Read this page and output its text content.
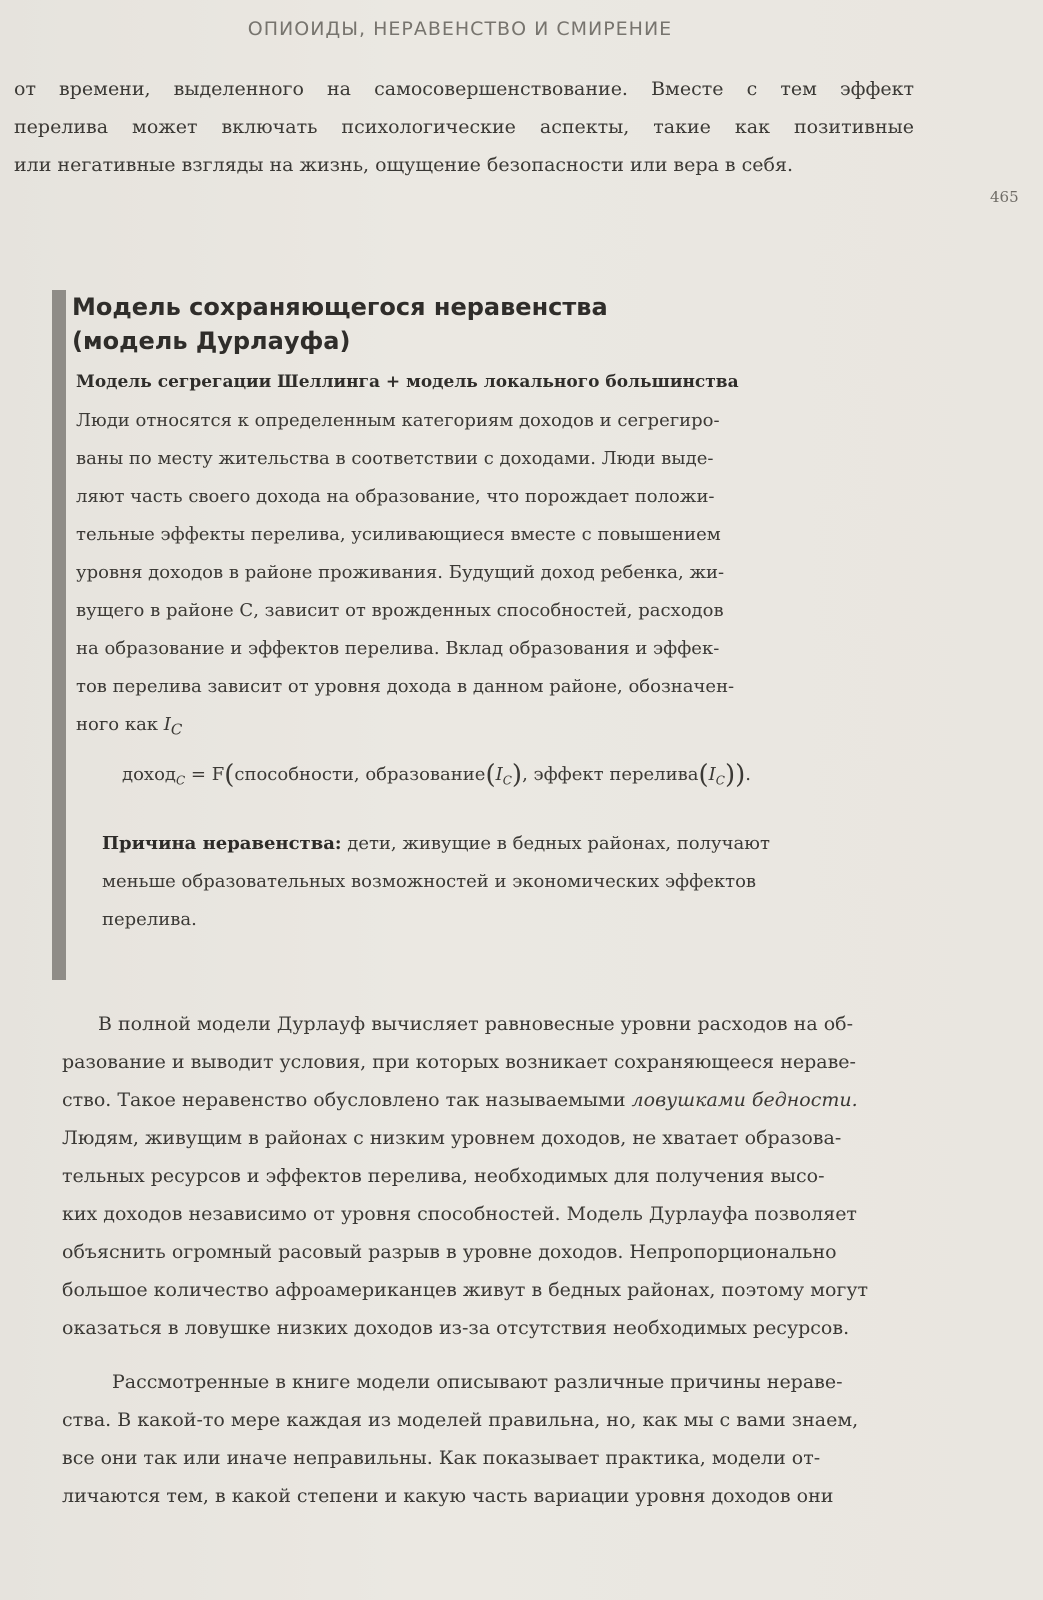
ОПИОИДЫ, НЕРАВЕНСТВО И СМИРЕНИЕ
465
от времени, выделенного на самосовершенствование. Вместе с тем эффект
перелива может включать психологические аспекты, такие как позитивные
или негативные взгляды на жизнь, ощущение безопасности или вера в себя.
Модель сохраняющегося неравенства
(модель Дурлауфа)
Модель сегрегации Шеллинга + модель локального большинства
Люди относятся к определенным категориям доходов и сегрегиро-
ваны по месту жительства в соответствии с доходами. Люди выде-
ляют часть своего дохода на образование, что порождает положи-
тельные эффекты перелива, усиливающиеся вместе с повышением
уровня доходов в районе проживания. Будущий доход ребенка, жи-
вущего в районе С, зависит от врожденных способностей, расходов
на образование и эффектов перелива. Вклад образования и эффек-
тов перелива зависит от уровня дохода в данном районе, обозначен-
ного как $I_C$
доход$_C$ = F(способности, $образование(I_C)$, эффект $перелива(I_C)$).
Причина неравенства: дети, живущие в бедных районах, получают
меньше образовательных возможностей и экономических эффектов
перелива.
В полной модели Дурлауф вычисляет равновесные уровни расходов на об-
разование и выводит условия, при которых возникает сохраняющееся нераве-
ство. Такое неравенство обусловлено так называемыми ловушками бедности.
Людям, живущим в районах с низким уровнем доходов, не хватает образова-
тельных ресурсов и эффектов перелива, необходимых для получения высо-
ких доходов независимо от уровня способностей. Модель Дурлауфа позволяет
объяснить огромный расовый разрыв в уровне доходов. Непропорционально
большое количество афроамериканцев живут в бедных районах, поэтому могут
оказаться в ловушке низких доходов из-за отсутствия необходимых ресурсов.
Рассмотренные в книге модели описывают различные причины нераве-
ства. В какой-то мере каждая из моделей правильна, но, как мы с вами знаем,
все они так или иначе неправильны. Как показывает практика, модели от-
личаются тем, в какой степени и какую часть вариации уровня доходов они
